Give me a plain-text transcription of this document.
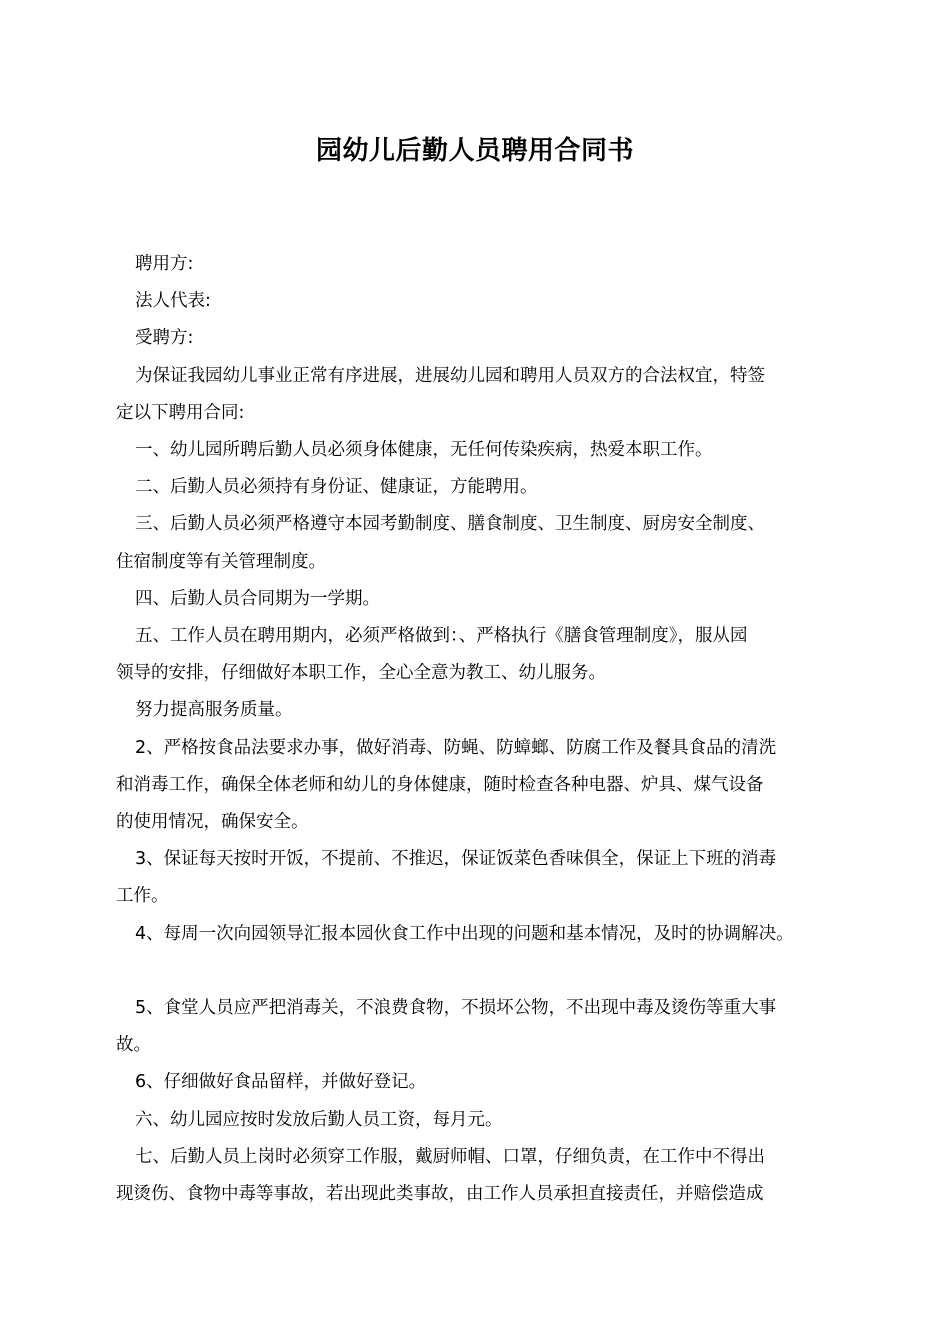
园幼儿后勤人员聘用合同书

聘用方:

法人代表:

受聘方:

为保证我园幼儿事业正常有序进展，进展幼儿园和聘用人员双方的合法权宜，特签
定以下聘用合同:

一、幼儿园所聘后勤人员必须身体健康，无任何传染疾病，热爱本职工作。

二、后勤人员必须持有身份证、健康证，方能聘用。

三、后勤人员必须严格遵守本园考勤制度、膳食制度、卫生制度、厨房安全制度、
住宿制度等有关管理制度。

四、后勤人员合同期为一学期。

五、工作人员在聘用期内，必须严格做到：、严格执行《膳食管理制度》，服从园
领导的安排，仔细做好本职工作，全心全意为教工、幼儿服务。

努力提高服务质量。

2、严格按食品法要求办事，做好消毒、防蝇、防蟑螂、防腐工作及餐具食品的清洗
和消毒工作，确保全体老师和幼儿的身体健康，随时检查各种电器、炉具、煤气设备
的使用情况，确保安全。

3、保证每天按时开饭，不提前、不推迟，保证饭菜色香味俱全，保证上下班的消毒
工作。

4、每周一次向园领导汇报本园伙食工作中出现的问题和基本情况，及时的协调解决。

5、食堂人员应严把消毒关，不浪费食物，不损坏公物，不出现中毒及烫伤等重大事
故。

6、仔细做好食品留样，并做好登记。

六、幼儿园应按时发放后勤人员工资，每月元。

七、后勤人员上岗时必须穿工作服，戴厨师帽、口罩，仔细负责，在工作中不得出
现烫伤、食物中毒等事故，若出现此类事故，由工作人员承担直接责任，并赔偿造成
